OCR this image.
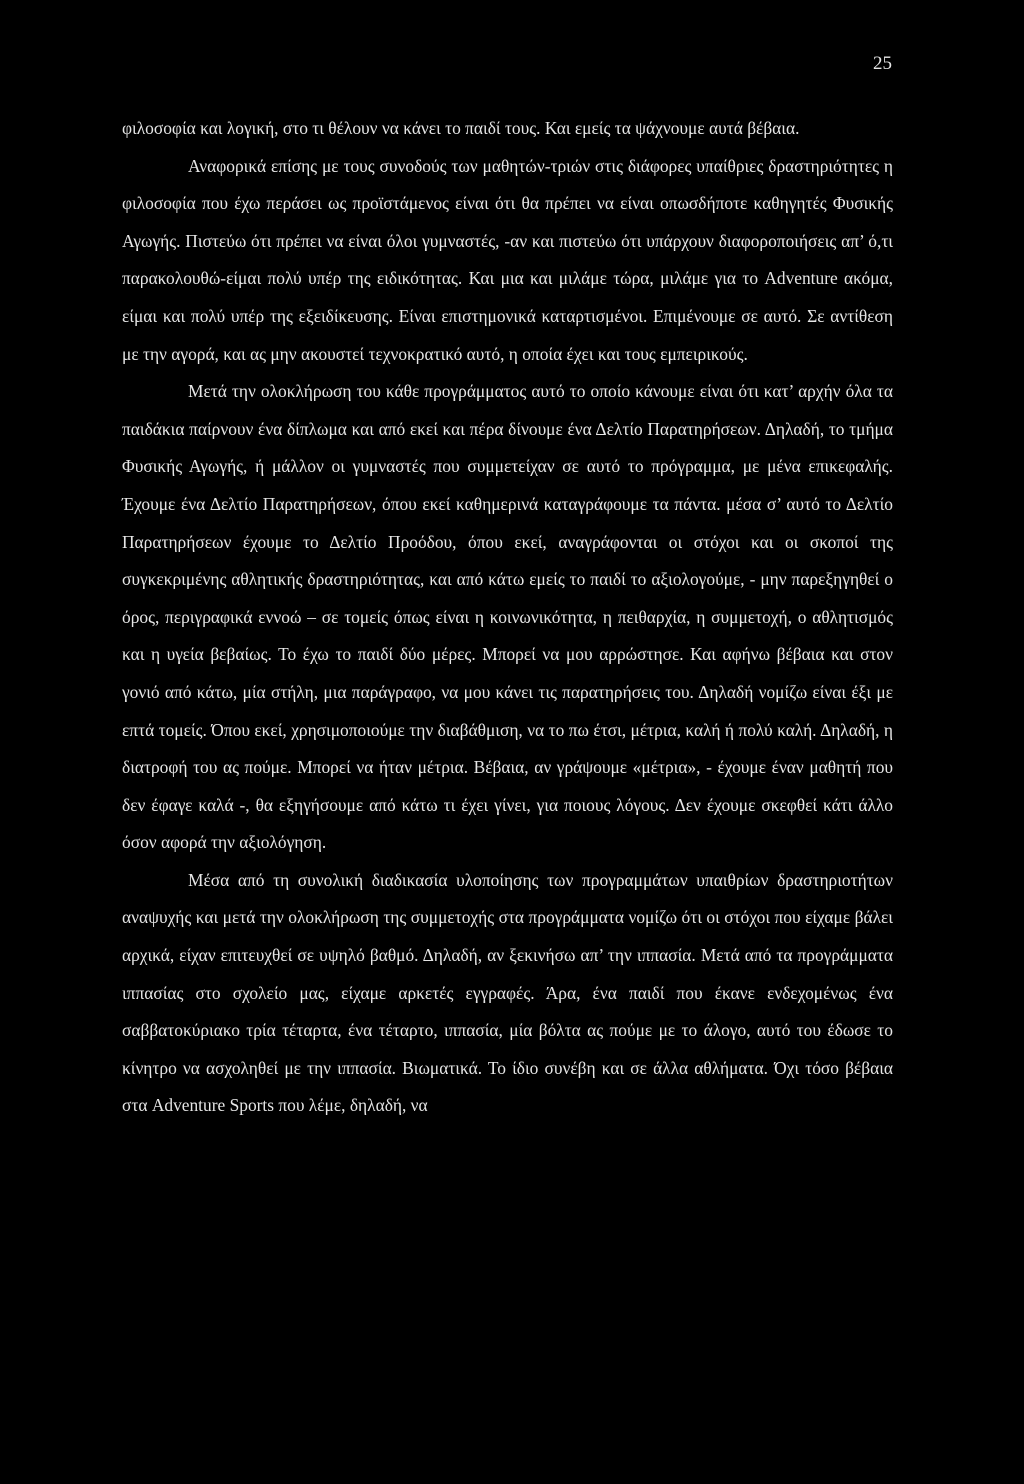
25

φιλοσοφία και λογική, στο τι θέλουν να κάνει το παιδί τους. Και εμείς τα ψάχνουμε αυτά βέβαια.

Αναφορικά επίσης με τους συνοδούς των μαθητών-τριών στις διάφορες υπαίθριες δραστηριότητες η φιλοσοφία που έχω περάσει ως προϊστάμενος είναι ότι θα πρέπει να είναι οπωσδήποτε καθηγητές Φυσικής Αγωγής. Πιστεύω ότι πρέπει να είναι όλοι γυμναστές, -αν και πιστεύω ότι υπάρχουν διαφοροποιήσεις απ’ ό,τι παρακολουθώ-είμαι πολύ υπέρ της ειδικότητας. Και μια και μιλάμε τώρα, μιλάμε για το Adventure ακόμα, είμαι και πολύ υπέρ της εξειδίκευσης. Είναι επιστημονικά καταρτισμένοι. Επιμένουμε σε αυτό. Σε αντίθεση με την αγορά, και ας μην ακουστεί τεχνοκρατικό αυτό, η οποία έχει και τους εμπειρικούς.

Μετά την ολοκλήρωση του κάθε προγράμματος αυτό το οποίο κάνουμε είναι ότι κατ’ αρχήν όλα τα παιδάκια παίρνουν ένα δίπλωμα και από εκεί και πέρα δίνουμε ένα Δελτίο Παρατηρήσεων. Δηλαδή, το τμήμα Φυσικής Αγωγής, ή μάλλον οι γυμναστές που συμμετείχαν σε αυτό το πρόγραμμα, με μένα επικεφαλής. Έχουμε ένα Δελτίο Παρατηρήσεων, όπου εκεί καθημερινά καταγράφουμε τα πάντα. μέσα σ’ αυτό το Δελτίο Παρατηρήσεων έχουμε το Δελτίο Προόδου, όπου εκεί, αναγράφονται οι στόχοι και οι σκοποί της συγκεκριμένης αθλητικής δραστηριότητας, και από κάτω εμείς το παιδί το αξιολογούμε, - μην παρεξηγηθεί ο όρος, περιγραφικά εννοώ – σε τομείς όπως είναι η κοινωνικότητα, η πειθαρχία, η συμμετοχή, ο αθλητισμός και η υγεία βεβαίως. Το έχω το παιδί δύο μέρες. Μπορεί να μου αρρώστησε. Και αφήνω βέβαια και στον γονιό από κάτω, μία στήλη, μια παράγραφο, να μου κάνει τις παρατηρήσεις του. Δηλαδή νομίζω είναι έξι με επτά τομείς. Όπου εκεί, χρησιμοποιούμε την διαβάθμιση, να το πω έτσι, μέτρια, καλή ή πολύ καλή. Δηλαδή, η διατροφή του ας πούμε. Μπορεί να ήταν μέτρια. Βέβαια, αν γράψουμε «μέτρια», - έχουμε έναν μαθητή που δεν έφαγε καλά -, θα εξηγήσουμε από κάτω τι έχει γίνει, για ποιους λόγους. Δεν έχουμε σκεφθεί κάτι άλλο όσον αφορά την αξιολόγηση.

Μέσα από τη συνολική διαδικασία υλοποίησης των προγραμμάτων υπαιθρίων δραστηριοτήτων αναψυχής και μετά την ολοκλήρωση της συμμετοχής στα προγράμματα νομίζω ότι οι στόχοι που είχαμε βάλει αρχικά, είχαν επιτευχθεί σε υψηλό βαθμό. Δηλαδή, αν ξεκινήσω απ’ την ιππασία. Μετά από τα προγράμματα ιππασίας στο σχολείο μας, είχαμε αρκετές εγγραφές. Άρα, ένα παιδί που έκανε ενδεχομένως ένα σαββατοκύριακο τρία τέταρτα, ένα τέταρτο, ιππασία, μία βόλτα ας πούμε με το άλογο, αυτό του έδωσε το κίνητρο να ασχοληθεί με την ιππασία. Βιωματικά. Το ίδιο συνέβη και σε άλλα αθλήματα. Όχι τόσο βέβαια στα Adventure Sports που λέμε, δηλαδή, να
